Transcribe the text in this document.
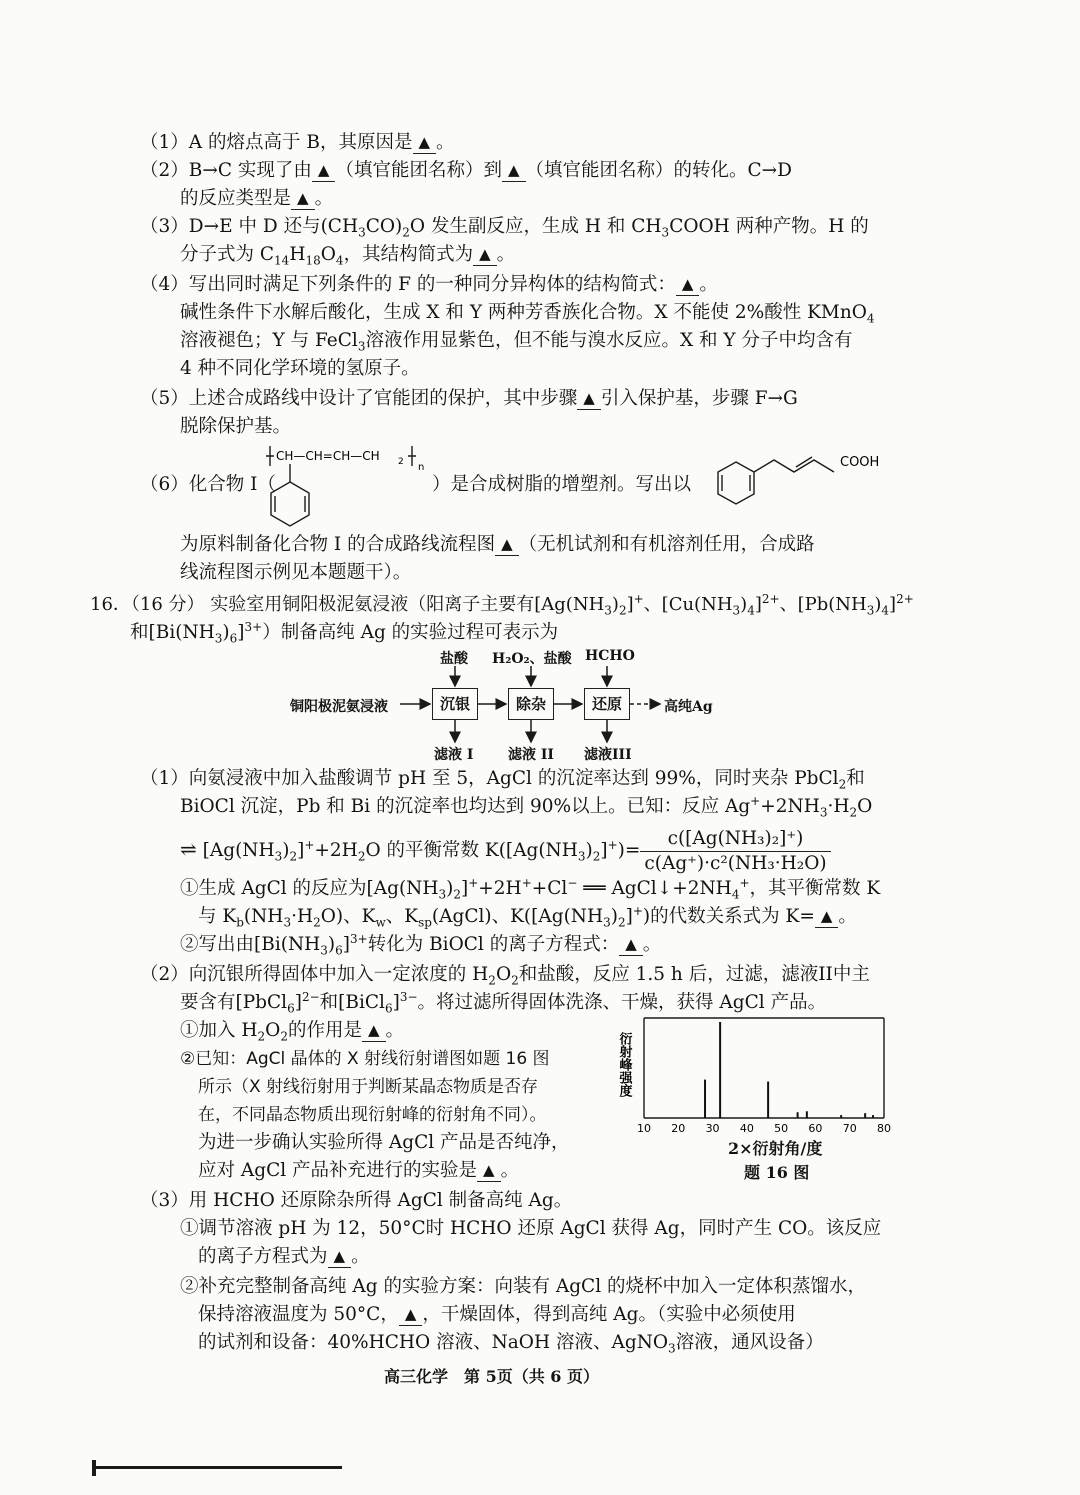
（1）A 的熔点高于 B，其原因是 ▲ 。
（2）B→C 实现了由 ▲ （填官能团名称）到 ▲ （填官能团名称）的转化。C→D
的反应类型是 ▲ 。
（3）D→E 中 D 还与$(CH_3CO)_2O$ 发生副反应，生成 H 和 $CH_3COOH$ 两种产物。H 的
分子式为 $C_{14}H_{18}O_4$，其结构简式为 ▲ 。
（4）写出同时满足下列条件的 F 的一种同分异构体的结构简式： ▲ 。
碱性条件下水解后酸化，生成 X 和 Y 两种芳香族化合物。X 不能使 2%酸性 KMnO$_4$
溶液褪色；Y 与 FeCl$_3$溶液作用显紫色，但不能与溴水反应。X 和 Y 分子中均含有
4 种不同化学环境的氢原子。
（5）上述合成路线中设计了官能团的保护，其中步骤 ▲ 引入保护基，步骤 F→G
脱除保护基。
CH—CH=CH—CH 2 n
（6）化合物 I（	）是合成树脂的增塑剂。写出以
COOH
为原料制备化合物 I 的合成路线流程图 ▲ （无机试剂和有机溶剂任用，合成路
线流程图示例见本题题干）。
16．（16 分） 实验室用铜阳极泥氨浸液（阳离子主要有$[Ag(NH_3)_2]^+$、$[Cu(NH_3)_4]^{2+}$、$[Pb(NH_3)_4]^{2+}$
和$[Bi(NH_3)_6]^{3+}$）制备高纯 Ag 的实验过程可表示为
盐酸 H₂O₂、盐酸 HCHO
铜阳极泥氨浸液	沉银	除杂	还原	高纯Ag
滤液 I 滤液 II 滤液III
（1）向氨浸液中加入盐酸调节 pH 至 5，AgCl 的沉淀率达到 99%，同时夹杂 PbCl$_2$和
BiOCl 沉淀，Pb 和 Bi 的沉淀率也均达到 90%以上。已知：反应 $Ag^++2NH_3\cdot H_2O$
⇌ $[Ag(NH_3)_2]^++2H_2O$ 的平衡常数 $K([Ag(NH_3)_2]^+)= \frac{\text{c([Ag(NH₃)₂]⁺)}}{\text{c(Ag⁺)·c²(NH₃·H₂O)}}$
①生成 AgCl 的反应为$[Ag(NH_3)_2]^++2H^++Cl^-$ ══ $AgCl↓+2NH_4^+$，其平衡常数 K
与 $K_b(NH_3\cdot H_2O)$、$K_w$、$K_{sp}(AgCl)$、$K([Ag(NH_3)_2]^+)$的代数关系式为 K= ▲ 。
②写出由$[Bi(NH_3)_6]^{3+}$转化为 BiOCl 的离子方程式： ▲ 。
（2）向沉银所得固体中加入一定浓度的 $H_2O_2$和盐酸，反应 1.5 h 后，过滤，滤液II中主
要含有[PbCl$_6$]$^{2-}$和[BiCl$_6$]$^{3-}$。将过滤所得固体洗涤、干燥，获得 AgCl 产品。
①加入 $H_2O_2$的作用是 ▲ 。
②已知：AgCl 晶体的 X 射线衍射谱图如题 16 图
所示（X 射线衍射用于判断某晶态物质是否存
在，不同晶态物质出现衍射峰的衍射角不同）。
为进一步确认实验所得 AgCl 产品是否纯净，
应对 AgCl 产品补充进行的实验是 ▲ 。
衍射峰强度
10 20 30 40 50 60 70 80
2×衍射角/度
题 16 图
（3）用 HCHO 还原除杂所得 AgCl 制备高纯 Ag。
①调节溶液 pH 为 12，50°C时 HCHO 还原 AgCl 获得 Ag，同时产生 CO。该反应
的离子方程式为 ▲ 。
②补充完整制备高纯 Ag 的实验方案：向装有 AgCl 的烧杯中加入一定体积蒸馏水，
保持溶液温度为 50°C， ▲ ，干燥固体，得到高纯 Ag。（实验中必须使用
的试剂和设备：40%HCHO 溶液、NaOH 溶液、AgNO$_3$溶液，通风设备）
高三化学　第 5页（共 6 页）
